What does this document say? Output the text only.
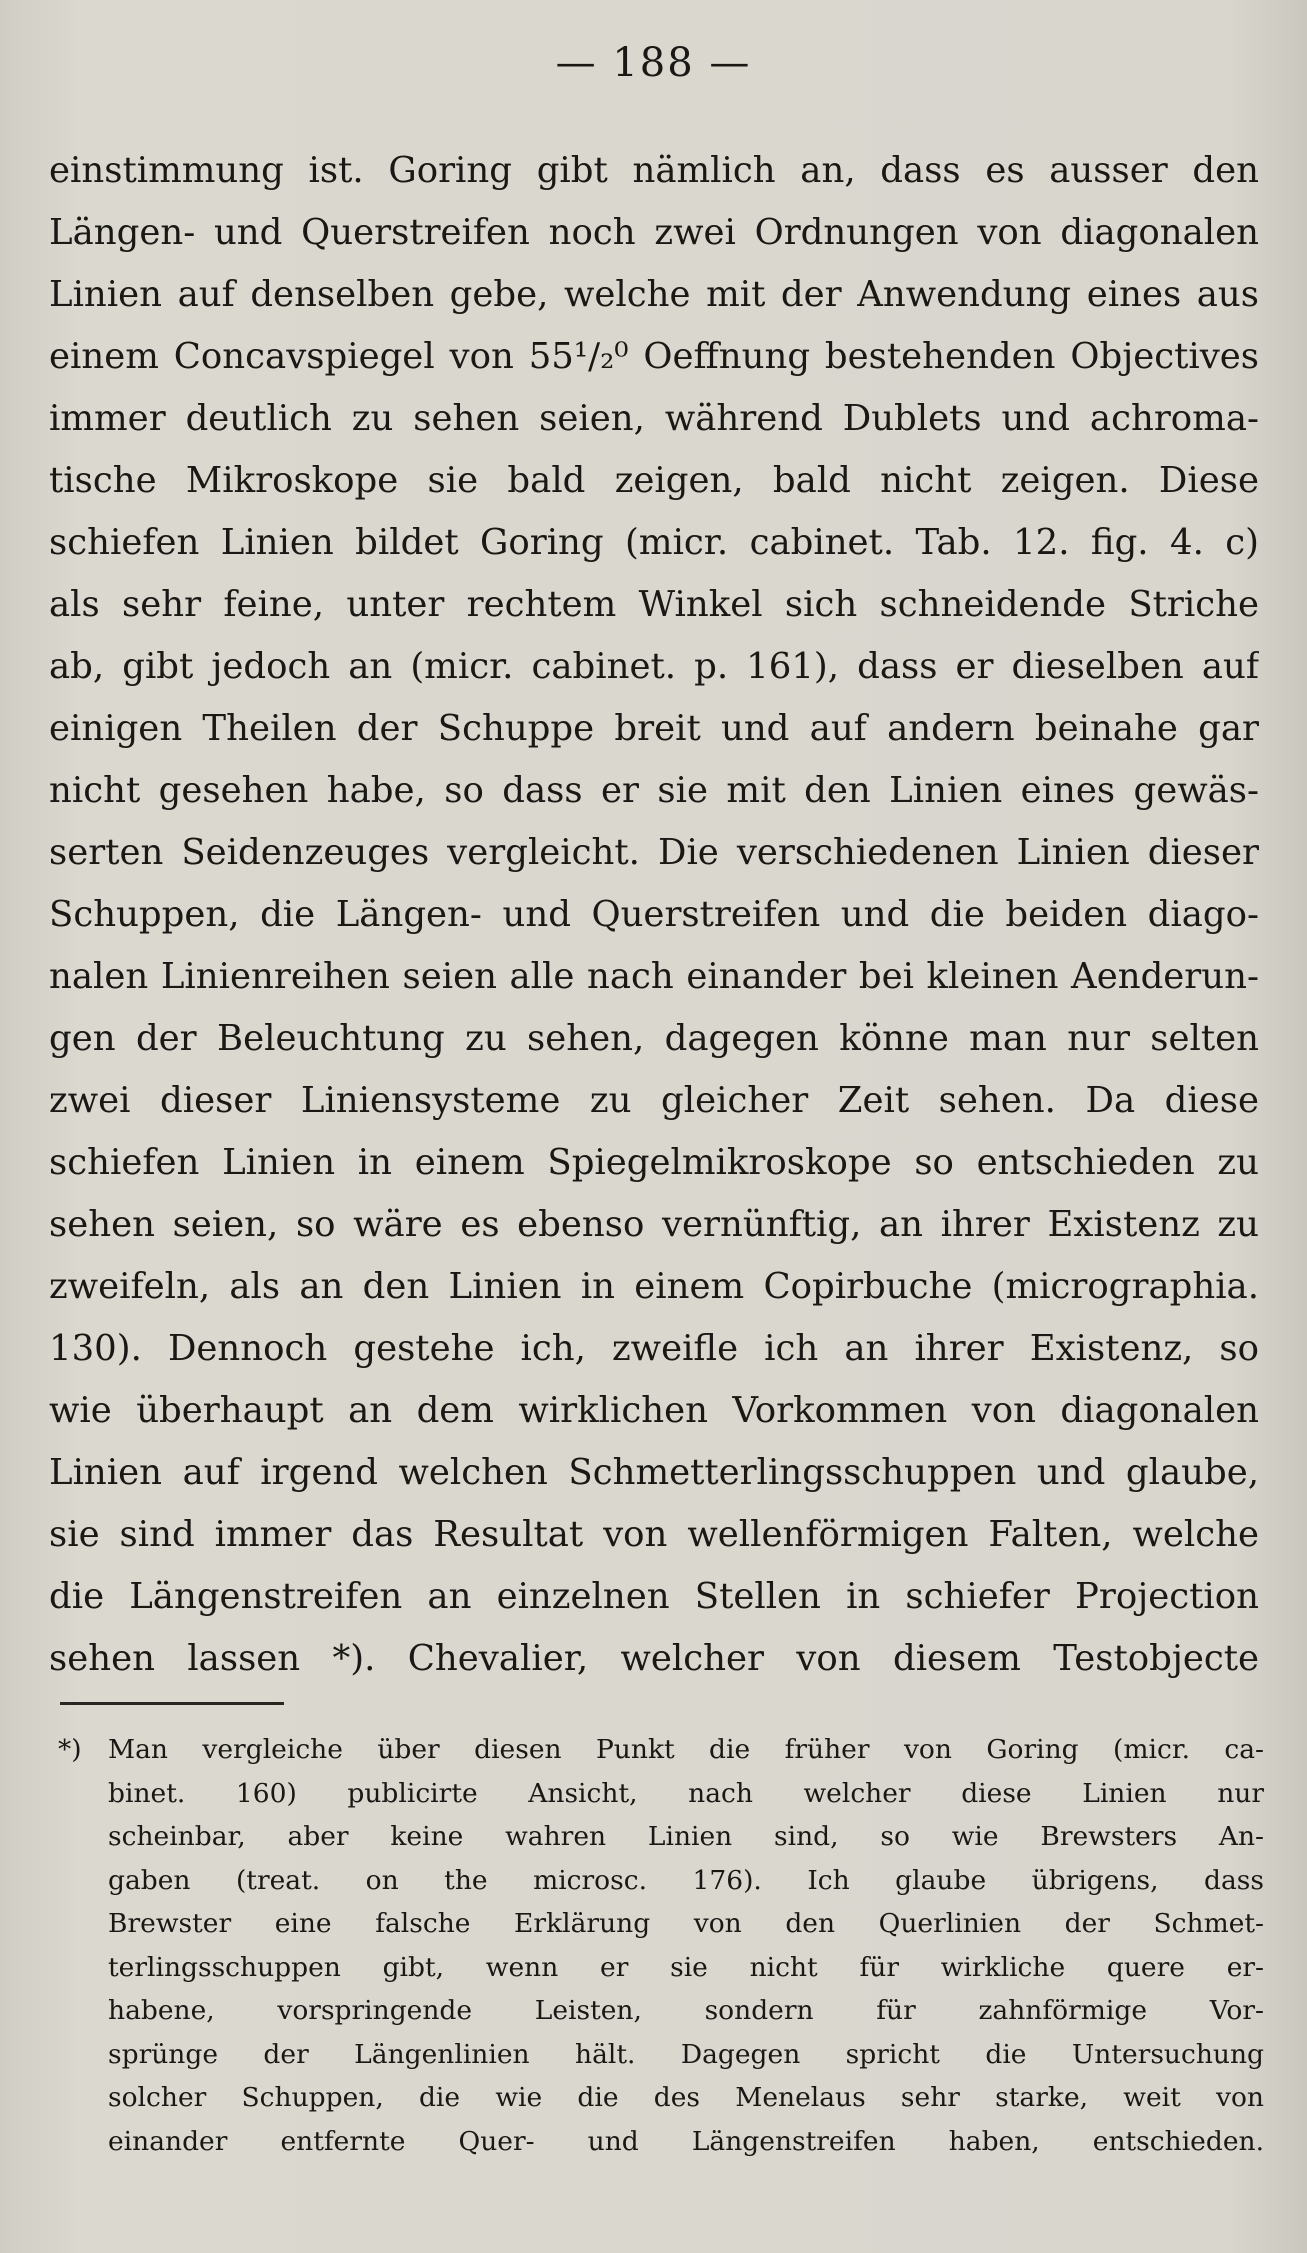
— 188 —
einstimmung ist. Goring gibt nämlich an, dass es ausser den
Längen- und Querstreifen noch zwei Ordnungen von diagonalen
Linien auf denselben gebe, welche mit der Anwendung eines aus
einem Concavspiegel von 55¹/₂⁰ Oeffnung bestehenden Objectives
immer deutlich zu sehen seien, während Dublets und achroma-
tische Mikroskope sie bald zeigen, bald nicht zeigen. Diese
schiefen Linien bildet Goring (micr. cabinet. Tab. 12. fig. 4. c)
als sehr feine, unter rechtem Winkel sich schneidende Striche
ab, gibt jedoch an (micr. cabinet. p. 161), dass er dieselben auf
einigen Theilen der Schuppe breit und auf andern beinahe gar
nicht gesehen habe, so dass er sie mit den Linien eines gewäs-
serten Seidenzeuges vergleicht. Die verschiedenen Linien dieser
Schuppen, die Längen- und Querstreifen und die beiden diago-
nalen Linienreihen seien alle nach einander bei kleinen Aenderun-
gen der Beleuchtung zu sehen, dagegen könne man nur selten
zwei dieser Liniensysteme zu gleicher Zeit sehen. Da diese
schiefen Linien in einem Spiegelmikroskope so entschieden zu
sehen seien, so wäre es ebenso vernünftig, an ihrer Existenz zu
zweifeln, als an den Linien in einem Copirbuche (micrographia.
130). Dennoch gestehe ich, zweifle ich an ihrer Existenz, so
wie überhaupt an dem wirklichen Vorkommen von diagonalen
Linien auf irgend welchen Schmetterlingsschuppen und glaube,
sie sind immer das Resultat von wellenförmigen Falten, welche
die Längenstreifen an einzelnen Stellen in schiefer Projection
sehen lassen *). Chevalier, welcher von diesem Testobjecte
*) Man vergleiche über diesen Punkt die früher von Goring (micr. ca-
binet. 160) publicirte Ansicht, nach welcher diese Linien nur
scheinbar, aber keine wahren Linien sind, so wie Brewsters An-
gaben (treat. on the microsc. 176). Ich glaube übrigens, dass
Brewster eine falsche Erklärung von den Querlinien der Schmet-
terlingsschuppen gibt, wenn er sie nicht für wirkliche quere er-
habene, vorspringende Leisten, sondern für zahnförmige Vor-
sprünge der Längenlinien hält. Dagegen spricht die Untersuchung
solcher Schuppen, die wie die des Menelaus sehr starke, weit von
einander entfernte Quer- und Längenstreifen haben, entschieden.
